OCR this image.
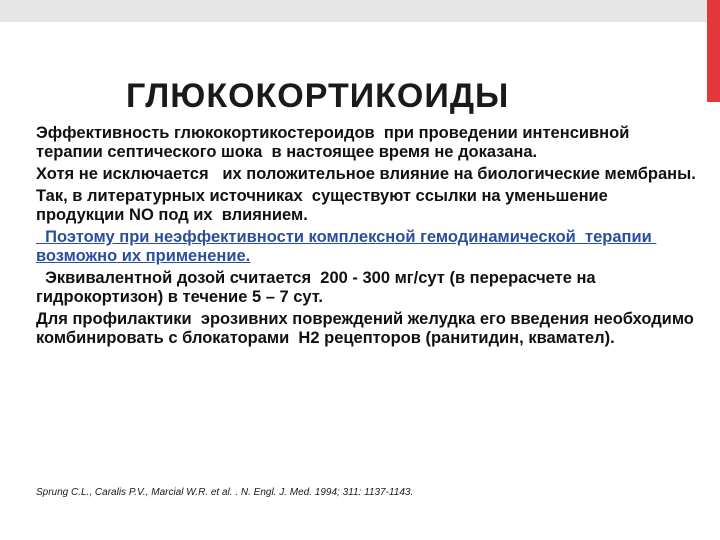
ГЛЮКОКОРТИКОИДЫ

Эффективность глюкокортикостероидов  при проведении интенсивной терапии септического шока  в настоящее время не доказана.

Хотя не исключается   их положительное влияние на биологические мембраны.

Так, в литературных источниках  существуют ссылки на уменьшение  продукции NO под их  влиянием.

Поэтому при неэффективности комплексной гемодинамической  терапии возможно их применение.

Эквивалентной дозой считается  200 - 300 мг/сут (в перерасчете на гидрокортизон) в течение 5 – 7 сут.

Для профилактики  эрозивних повреждений желудка его введения необходимо комбинировать с блокаторами  H2 рецепторов (ранитидин, квамател).

Sprung C.L., Caralis P.V., Marcial W.R. et al. . N. Engl. J. Med. 1994; 311: 1137-1143.
